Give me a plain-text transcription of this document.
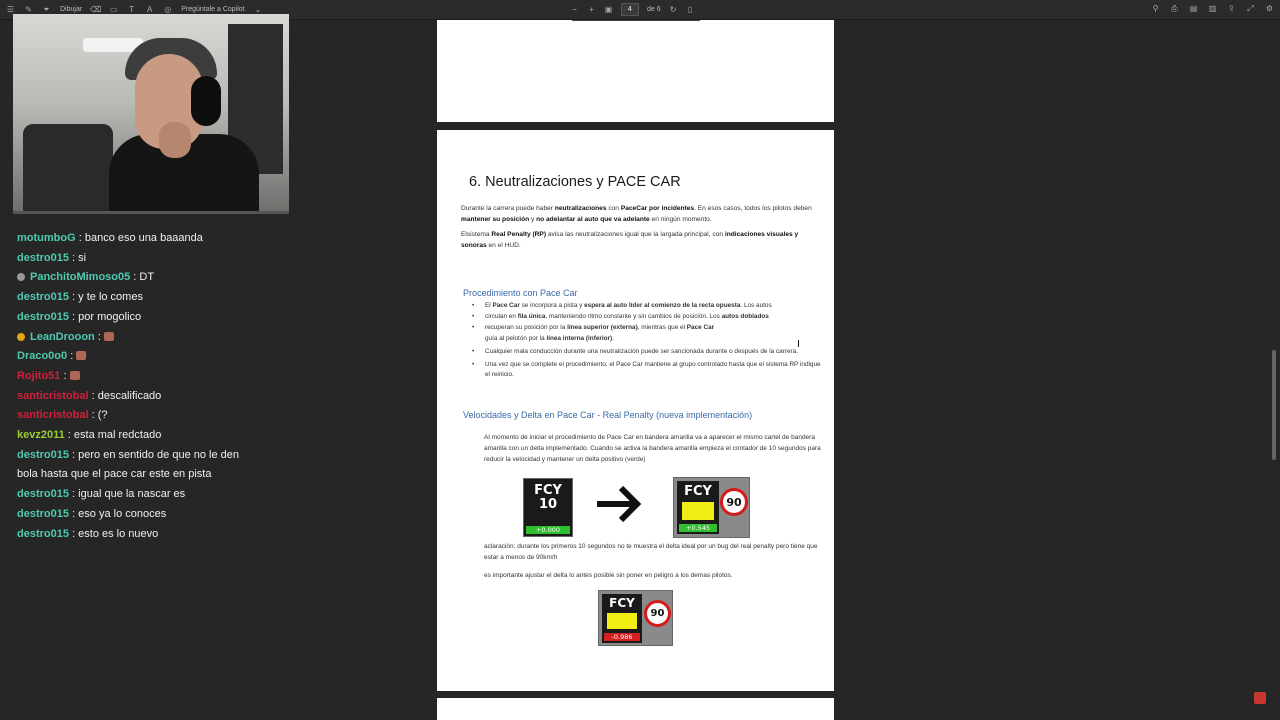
☰ ✎ ⏷ Dibujar ⌫ ▭ T A ◎ Pregúntale a Copilot ⌄	− + ▣	4	de 6 ↻ ▯	⚲ ⎙ ▤ ▥ ⇪ ⤢ ⚙
motumboG : banco eso una baaanda
destro015 : si
PanchitoMimoso05 : DT
destro015 : y te lo comes
destro015 : por mogolico
LeanDrooon :
Draco0o0 :
Rojito51 :
santicristobal : descalificado
santicristobal : (?
kevz2011 : esta mal redctado
destro015 : pero en sentido de que no le den bola hasta que el pace car este en pista
destro015 : igual que la nascar es
destro015 : eso ya lo conoces
destro015 : esto es lo nuevo
6. Neutralizaciones y PACE CAR
Durante la carrera puede haber neutralizaciones con PaceCar por incidentes. En esos casos, todos los pilotos deben mantener su posición y no adelantar al auto que va adelante en ningún momento.
Elsistema Real Penalty (RP) avisa las neutralizaciones igual que la largada principal, con indicaciones visuales y sonoras en el HUD.
Procedimiento con Pace Car
• El Pace Car se incorpora a pista y espera al auto líder al comienzo de la recta opuesta. Los autos
• circulan en fila única, manteniendo ritmo constante y sin cambios de posición. Los autos doblados
• recuperan su posición por la línea superior (externa), mientras que el Pace Car
guía al pelotón por la línea interna (inferior).
• Cualquier mala conducción durante una neutralización puede ser sancionada durante o después de la carrera.
• Una vez que se complete el procedimiento, el Pace Car mantiene al grupo controlado hasta que el sistema RP indique el reinicio.
Velocidades y Delta en Pace Car - Real Penalty (nueva implementación)
Al momento de iniciar el procedimiento de Pace Car en bandera amarilla va a aparecer el mismo cartel de bandera amarilla con un delta implementado. Cuando se activa la bandera amarilla empieza el contador de 10 segundos para reducir la velocidad y mantener un delta positivo (verde)
FCY
10
+0.000
FCY
+0.545
90
aclaración: durante los primeros 10 segundos no te muestra el delta ideal por un bug del real penalty pero tiene que estar a menos de 90km/h
es importante ajustar el delta lo antes posible sin poner en peligro a los demas pilotos.
FCY
-0.986
90
I
